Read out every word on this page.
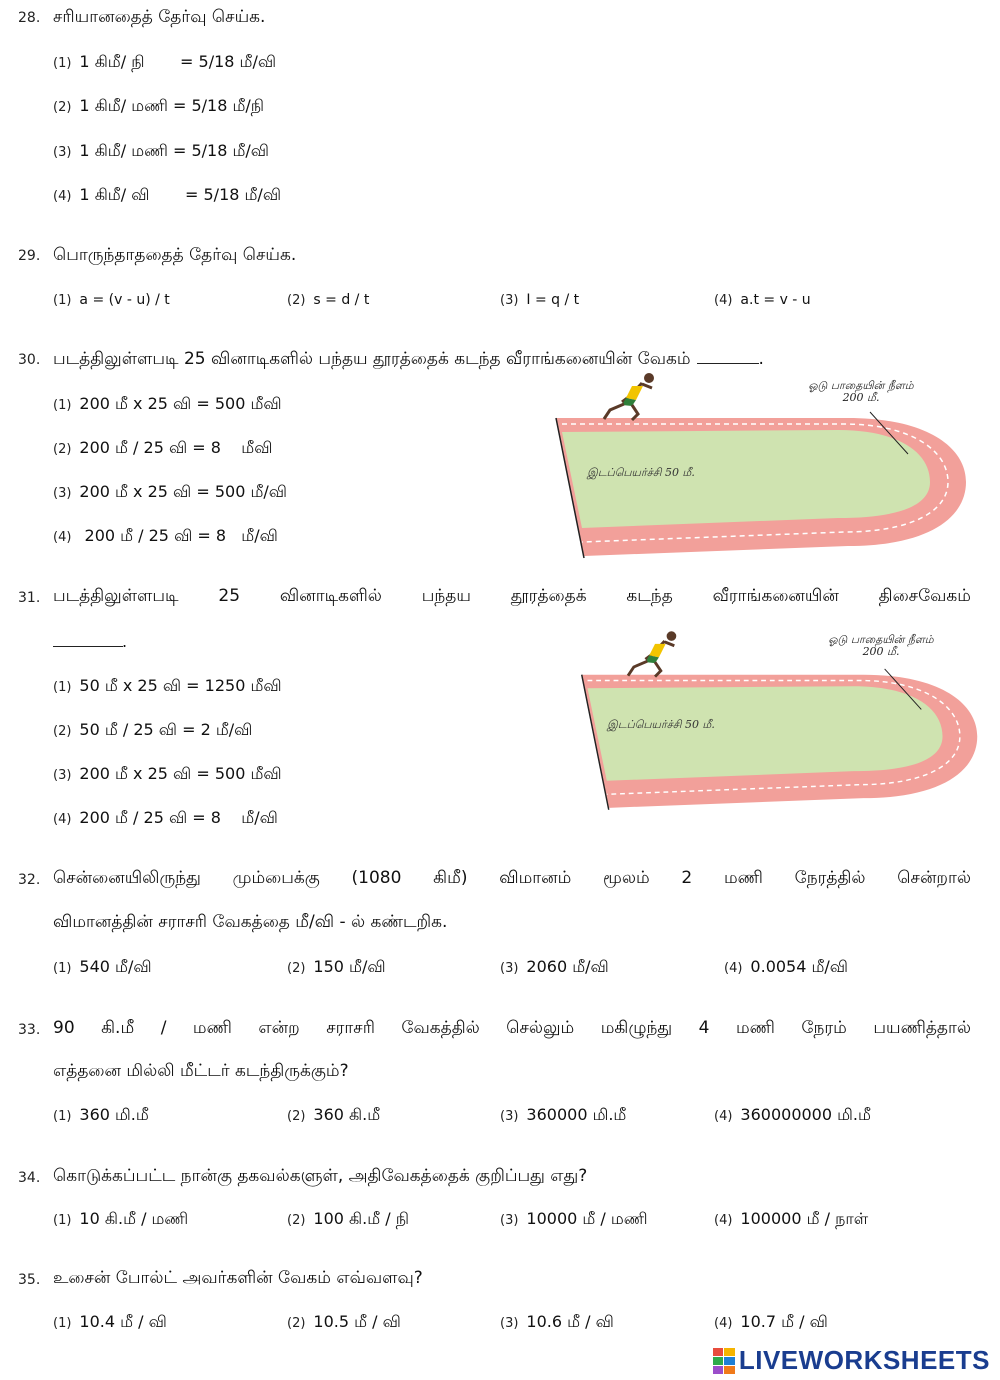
28. சரியானதைத் தேர்வு செய்க.
(1) 1 கிமீ/ நி       = 5/18 மீ/வி
(2) 1 கிமீ/ மணி = 5/18 மீ/நி
(3) 1 கிமீ/ மணி = 5/18 மீ/வி
(4) 1 கிமீ/ வி       = 5/18 மீ/வி
29. பொருந்தாததைத் தேர்வு செய்க.
(1) a = (v - u) / t	(2) s = d / t	(3) I = q / t	(4) a.t = v - u
30. படத்திலுள்ளபடி 25 வினாடிகளில் பந்தய தூரத்தைக் கடந்த வீராங்கனையின் வேகம்	.
(1) 200 மீ x 25 வி = 500 மீவி
(2) 200 மீ / 25 வி = 8    மீவி
(3) 200 மீ x 25 வி = 500 மீ/வி
(4) 200 மீ / 25 வி = 8   மீ/வி
ஓடு பாதையின் நீளம் 200 மீ.
இடப்பெயர்ச்சி 50 மீ.
31. படத்திலுள்ளபடி 25 வினாடிகளில் பந்தய தூரத்தைக் கடந்த வீராங்கனையின் திசைவேகம்
.
(1) 50 மீ x 25 வி = 1250 மீவி
(2) 50 மீ / 25 வி = 2 மீ/வி
(3) 200 மீ x 25 வி = 500 மீவி
(4) 200 மீ / 25 வி = 8    மீ/வி
ஓடு பாதையின் நீளம் 200 மீ.
இடப்பெயர்ச்சி 50 மீ.
32. சென்னையிலிருந்து மும்பைக்கு (1080 கிமீ) விமானம் மூலம் 2 மணி நேரத்தில் சென்றால்
விமானத்தின் சராசரி வேகத்தை மீ/வி - ல் கண்டறிக.
(1) 540 மீ/வி	(2) 150 மீ/வி	(3) 2060 மீ/வி	(4) 0.0054 மீ/வி
33. 90 கி.மீ / மணி என்ற சராசரி வேகத்தில் செல்லும் மகிழுந்து 4 மணி நேரம் பயணித்தால்
எத்தனை மில்லி மீட்டர் கடந்திருக்கும்?
(1) 360 மி.மீ	(2) 360 கி.மீ	(3) 360000 மி.மீ	(4) 360000000 மி.மீ
34. கொடுக்கப்பட்ட நான்கு தகவல்களுள், அதிவேகத்தைக் குறிப்பது எது?
(1) 10 கி.மீ / மணி	(2) 100 கி.மீ / நி	(3) 10000 மீ / மணி	(4) 100000 மீ / நாள்
35. உசைன் போல்ட் அவர்களின் வேகம் எவ்வளவு?
(1) 10.4 மீ / வி	(2) 10.5 மீ / வி	(3) 10.6 மீ / வி	(4) 10.7 மீ / வி
LIVEWORKSHEETS
